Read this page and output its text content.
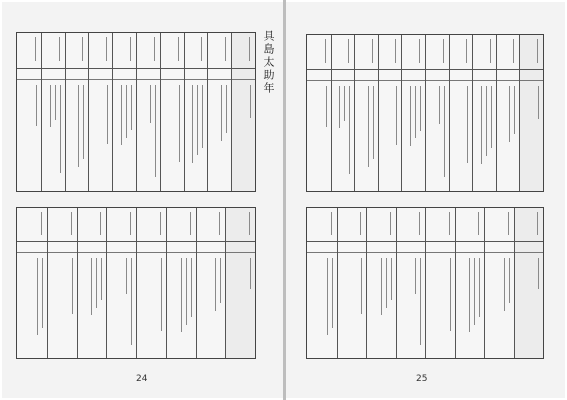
具島太助年
24	25
